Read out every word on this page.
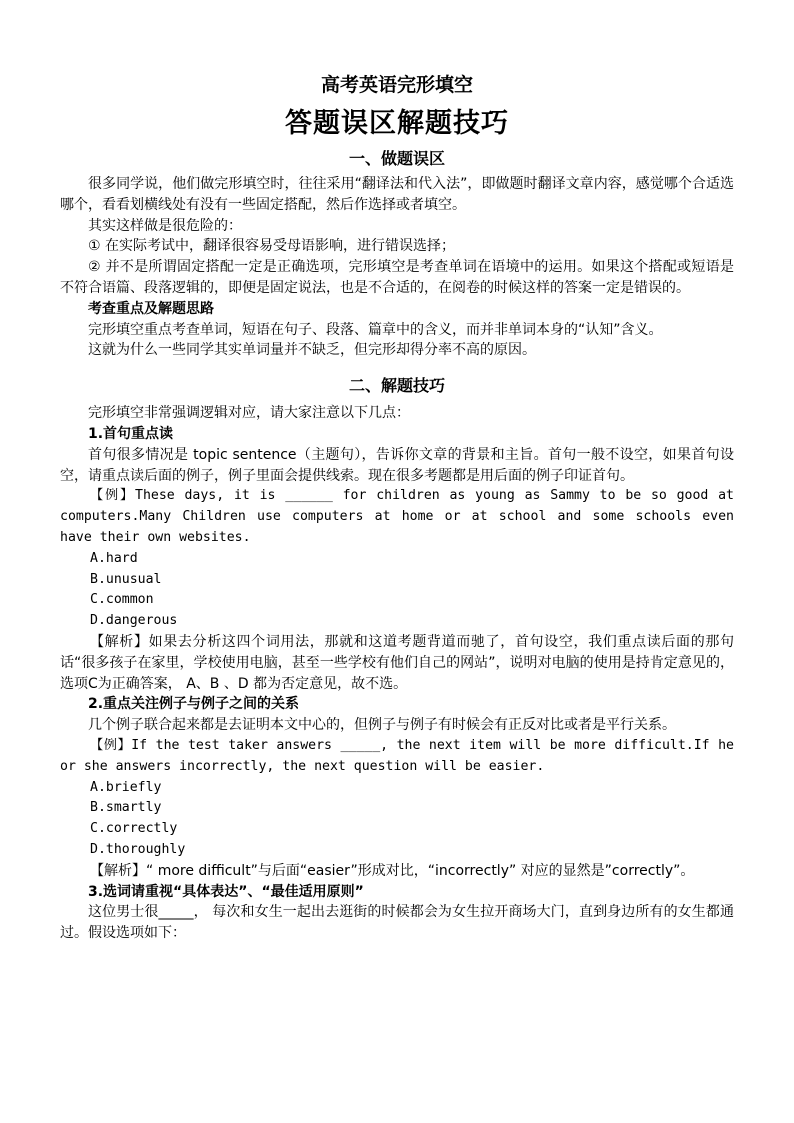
高考英语完形填空
答题误区解题技巧
一、做题误区

很多同学说，他们做完形填空时，往往采用“翻译法和代入法”，即做题时翻译文章内容，感觉哪个合适选哪个，看看划横线处有没有一些固定搭配，然后作选择或者填空。

其实这样做是很危险的：

① 在实际考试中，翻译很容易受母语影响，进行错误选择；

② 并不是所谓固定搭配一定是正确选项，完形填空是考查单词在语境中的运用。如果这个搭配或短语是不符合语篇、段落逻辑的，即便是固定说法，也是不合适的，在阅卷的时候这样的答案一定是错误的。

考查重点及解题思路

完形填空重点考查单词，短语在句子、段落、篇章中的含义，而并非单词本身的“认知”含义。

这就为什么一些同学其实单词量并不缺乏，但完形却得分率不高的原因。

二、解题技巧

完形填空非常强调逻辑对应，请大家注意以下几点：

1.首句重点读

首句很多情况是 topic sentence（主题句），告诉你文章的背景和主旨。首句一般不设空，如果首句设空，请重点读后面的例子，例子里面会提供线索。现在很多考题都是用后面的例子印证首句。

【例】These days, it is ______ for children as young as Sammy to be so good at computers.Many Children use computers at home or at school and some schools even have their own websites.

A.hard
B.unusual
C.common
D.dangerous

【解析】如果去分析这四个词用法，那就和这道考题背道而驰了，首句设空，我们重点读后面的那句话“很多孩子在家里，学校使用电脑，甚至一些学校有他们自己的网站”，说明对电脑的使用是持肯定意见的，选项C为正确答案， A、B 、D 都为否定意见，故不选。

2.重点关注例子与例子之间的关系

几个例子联合起来都是去证明本文中心的，但例子与例子有时候会有正反对比或者是平行关系。

【例】If the test taker answers _____, the next item will be more difficult.If he or she answers incorrectly, the next question will be easier.

A.briefly
B.smartly
C.correctly
D.thoroughly

【解析】“ more difficult”与后面“easier”形成对比，“incorrectly” 对应的显然是”correctly”。

3.选词请重视“具体表达”、“最佳适用原则”

这位男士很_____， 每次和女生一起出去逛街的时候都会为女生拉开商场大门，直到身边所有的女生都通过。假设选项如下：
